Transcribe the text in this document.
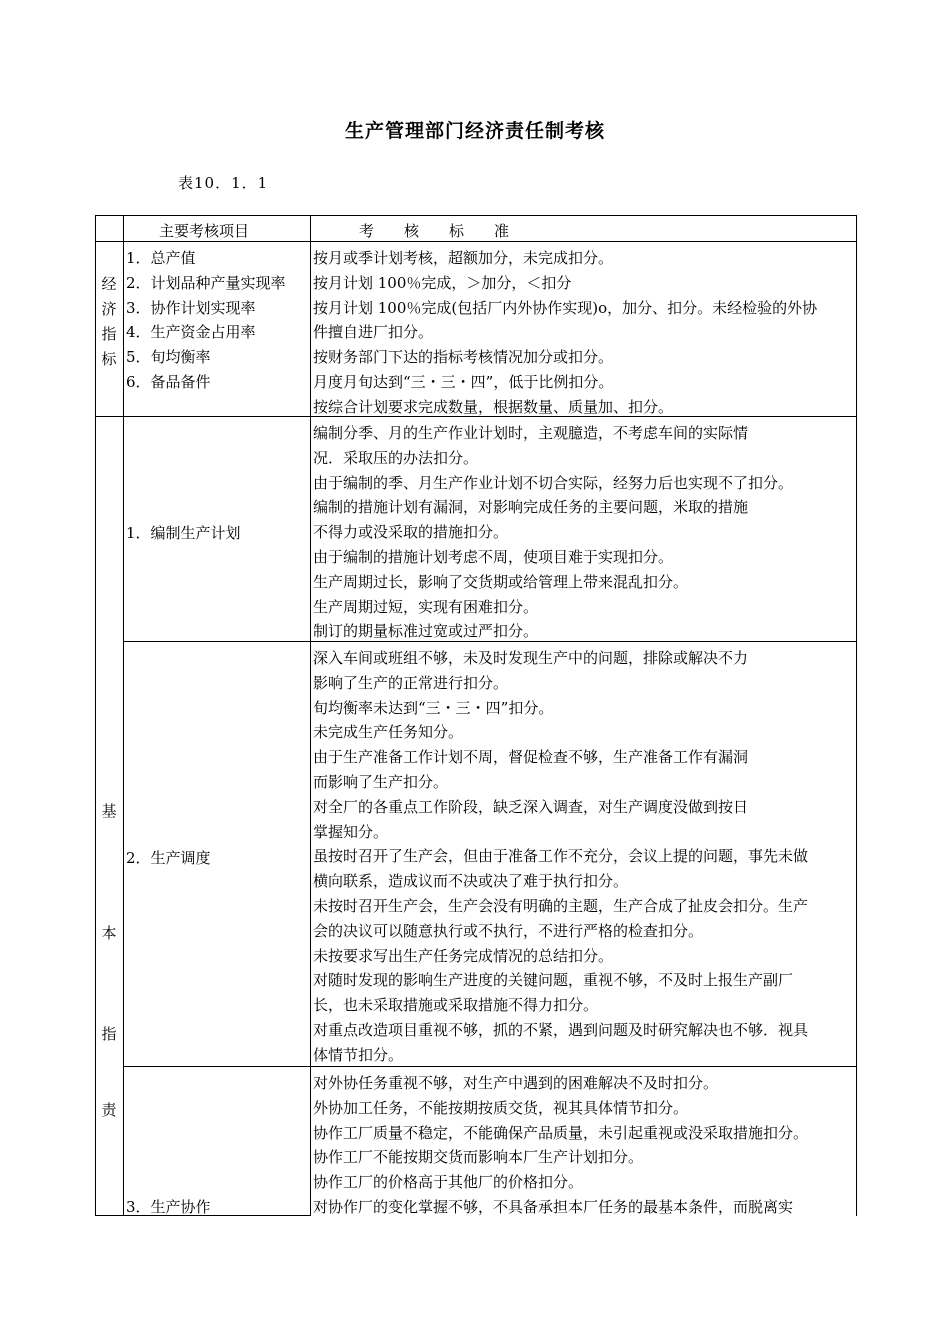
生产管理部门经济责任制考核
表10．1．1
主要考核项目	考　　核　　标　　准
经
济
指
标
1．总产值
2．计划品种产量实现率
3．协作计划实现率
4．生产资金占用率
5．旬均衡率
6．备品备件
按月或季计划考核，超额加分，未完成扣分。
按月计划 100％完成，＞加分，＜扣分
按月计划 100％完成(包括厂内外协作实现)o，加分、扣分。未经检验的外协
件擅自进厂扣分。
按财务部门下达的指标考核情况加分或扣分。
月度月旬达到“三・三・四”，低于比例扣分。
按综合计划要求完成数量，根据数量、质量加、扣分。
基
本
指
责
1．编制生产计划
编制分季、月的生产作业计划时，主观臆造，不考虑车间的实际情
况．采取压的办法扣分。
由于编制的季、月生产作业计划不切合实际，经努力后也实现不了扣分。
编制的措施计划有漏洞，对影响完成任务的主要问题，米取的措施
不得力或没采取的措施扣分。
由于编制的措施计划考虑不周，使项目难于实现扣分。
生产周期过长，影响了交货期或给管理上带来混乱扣分。
生产周期过短，实现有困难扣分。
制订的期量标准过宽或过严扣分。
2．生产调度
深入车间或班组不够，未及时发现生产中的问题，排除或解决不力
影响了生产的正常进行扣分。
旬均衡率未达到“三・三・四”扣分。
未完成生产任务知分。
由于生产准备工作计划不周，督促检查不够，生产准备工作有漏洞
而影响了生产扣分。
对全厂的各重点工作阶段，缺乏深入调查，对生产调度没做到按日
掌握知分。
虽按时召开了生产会，但由于准备工作不充分，会议上提的问题，事先未做
横向联系，造成议而不决或决了难于执行扣分。
未按时召开生产会，生产会没有明确的主题，生产合成了扯皮会扣分。生产
会的决议可以随意执行或不执行，不进行严格的检查扣分。
未按要求写出生产任务完成情况的总结扣分。
对随时发现的影响生产进度的关键问题，重视不够，不及时上报生产副厂
长，也未采取措施或采取措施不得力扣分。
对重点改造项目重视不够，抓的不紧，遇到问题及时研究解决也不够．视具
体情节扣分。
3．生产协作
对外协任务重视不够，对生产中遇到的困难解决不及时扣分。
外协加工任务，不能按期按质交货，视其具体情节扣分。
协作工厂质量不稳定，不能确保产品质量，未引起重视或没采取措施扣分。
协作工厂不能按期交货而影响本厂生产计划扣分。
协作工厂的价格高于其他厂的价格扣分。
对协作厂的变化掌握不够，不具备承担本厂任务的最基本条件，而脱离实
